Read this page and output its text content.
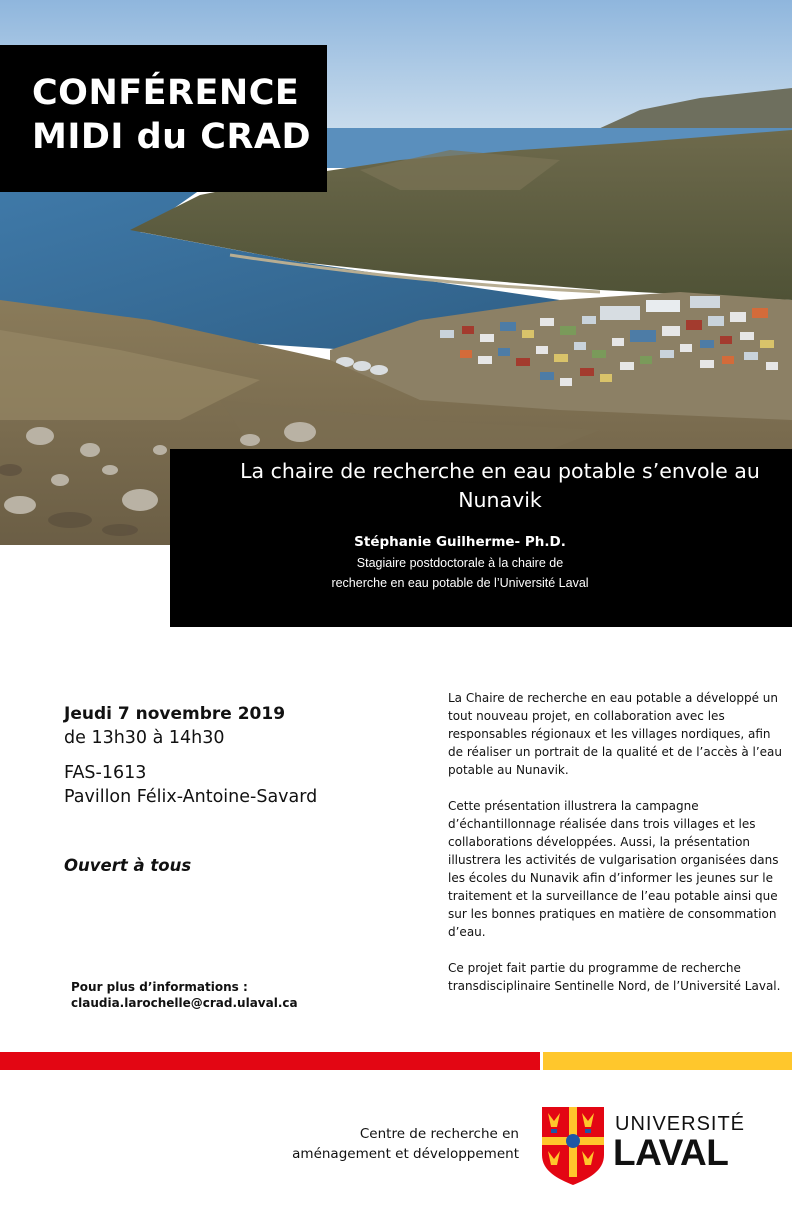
CONFÉRENCE
MIDI du CRAD
La chaire de recherche en eau potable s’envole au Nunavik
Stéphanie Guilherme- Ph.D.
Stagiaire postdoctorale à la chaire de
recherche en eau potable de l’Université Laval
Jeudi 7 novembre 2019
de 13h30 à 14h30
FAS-1613
Pavillon Félix-Antoine-Savard
Ouvert à tous
Pour plus d’informations :
claudia.larochelle@crad.ulaval.ca

La Chaire de recherche en eau potable a développé un tout nouveau projet, en collaboration avec les responsables régionaux et les villages nordiques, afin de réaliser un portrait de la qualité et de l’accès à l’eau potable au Nunavik.

Cette présentation illustrera la campagne d’échantillonnage réalisée dans trois villages et les collaborations développées. Aussi, la présentation illustrera les activités de vulgarisation organisées dans les écoles du Nunavik afin d’informer les jeunes sur le traitement et la surveillance de l’eau potable ainsi que sur les bonnes pratiques en matière de consommation d’eau.

Ce projet fait partie du programme de recherche transdisciplinaire Sentinelle Nord, de l’Université Laval.

Centre de recherche en
aménagement et développement
UNIVERSITÉ
LAVAL
